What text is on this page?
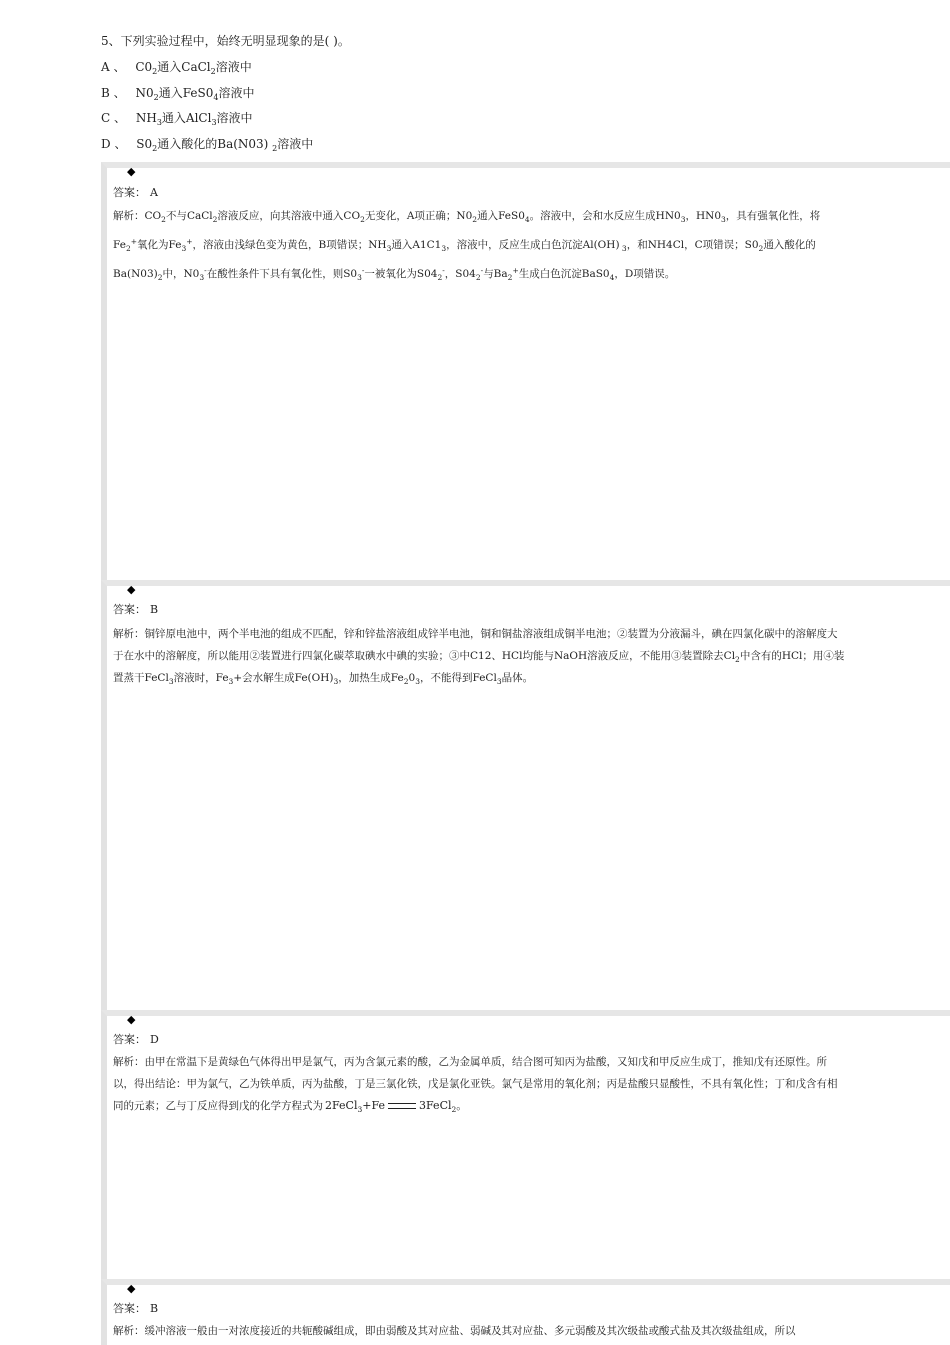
5、下列实验过程中，始终无明显现象的是( )。
A 、 $C0_2$通入CaCl$_2$溶液中
B 、 $N0_2$通入$FeS0_4$溶液中
C 、 $NH_3$通入AlCl$_3$溶液中
D 、 $S0_2$通入酸化的Ba(N03) $_2$溶液中
◆
答案： A
解析：$CO_2$不与CaCl$_2$溶液反应，向其溶液中通入$CO_2$无变化，A项正确；$N0_2$通入$FeS0_4$。溶液中，会和水反应生成$HN0_3$，$HN0_3$，具有强氧化性，将
$Fe_2^+$氧化为$Fe_3^+$，溶液由浅绿色变为黄色，B项错误；$NH_3$通入$A1C1_3$，溶液中，反应生成白色沉淀Al(OH) $_3$，和NH4Cl，C项错误；$S0_2$通入酸化的
$Ba(N03)_2$中，$N0_3^-$在酸性条件下具有氧化性，则$S0_3^-$一被氧化为$S04_2^-$，$S04_2^-$与$Ba_2^+$生成白色沉淀$BaS0_4$，D项错误。
◆
答案： B
解析：铜锌原电池中，两个半电池的组成不匹配，锌和锌盐溶液组成锌半电池，铜和铜盐溶液组成铜半电池；②装置为分液漏斗，碘在四氯化碳中的溶解度大于在水中的溶解度，所以能用②装置进行四氯化碳萃取碘水中碘的实验；③中C12、HCl均能与NaOH溶液反应，不能用③装置除去$Cl_2$中含有的HCl；用④装置蒸干FeCl$_3$溶液时，$Fe_3+$会水解生成$Fe(OH)_3$，加热生成$Fe_20_3$，不能得到FeCl$_3$晶体。
◆
答案： D
解析：由甲在常温下是黄绿色气体得出甲是氯气，丙为含氯元素的酸，乙为金属单质，结合图可知丙为盐酸，又知戊和甲反应生成丁，推知戊有还原性。所以，得出结论：甲为氯气，乙为铁单质，丙为盐酸，丁是三氯化铁，戊是氯化亚铁。氯气是常用的氧化剂；丙是盐酸只显酸性，不具有氧化性；丁和戊含有相同的元素；乙与丁反应得到戊的化学方程式为 2FeCl$_3$+Fe	3FeCl$_2$。
◆
答案： B
解析：缓冲溶液一般由一对浓度接近的共轭酸碱组成，即由弱酸及其对应盐、弱碱及其对应盐、多元弱酸及其次级盐或酸式盐及其次级盐组成，所以
